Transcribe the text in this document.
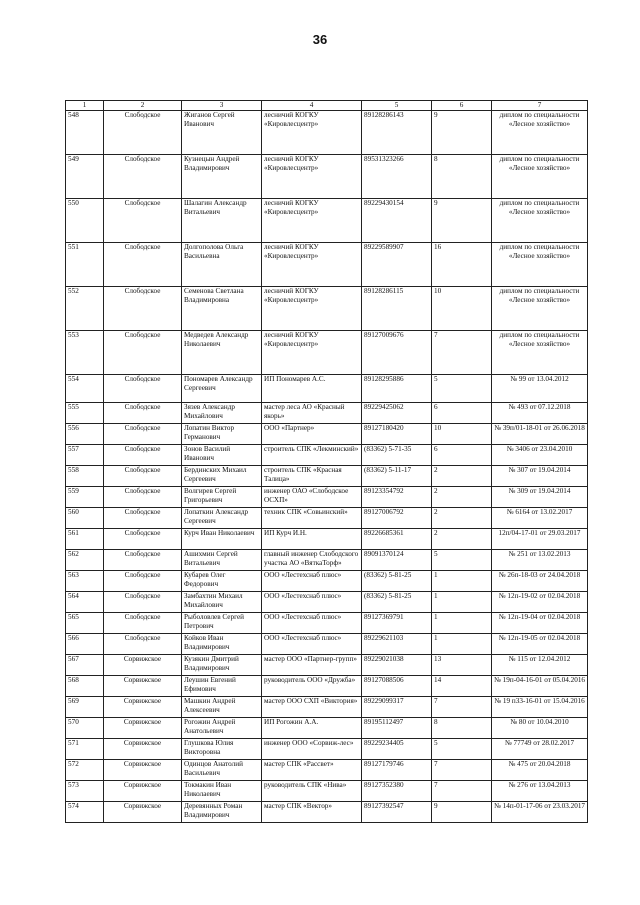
36
1	2	3	4	5	6	7
548	Слободское	Жиганов Сергей Иванович	лесничий КОГКУ «Кировлесцентр»	89128286143	9	диплом по специальности «Лесное хозяйство»
549	Слободское	Кузнецын Андрей Владимирович	лесничий КОГКУ «Кировлесцентр»	89531323266	8	диплом по специальности «Лесное хозяйство»
550	Слободское	Шалагин Александр Витальевич	лесничий КОГКУ «Кировлесцентр»	89229430154	9	диплом по специальности «Лесное хозяйство»
551	Слободское	Долгополова Ольга Васильевна	лесничий КОГКУ «Кировлесцентр»	89229589907	16	диплом по специальности «Лесное хозяйство»
552	Слободское	Семенова Светлана Владимировна	лесничий КОГКУ «Кировлесцентр»	89128286115	10	диплом по специальности «Лесное хозяйство»
553	Слободское	Медведев Александр Николаевич	лесничий КОГКУ «Кировлесцентр»	89127009676	7	диплом по специальности «Лесное хозяйство»
554	Слободское	Пономарев Александр Сергеевич	ИП Пономарев А.С.	89128295886	5	№ 99 от 13.04.2012
555	Слободское	Зязев Александр Михайлович	мастер леса АО «Красный якорь»	89229425062	6	№ 493 от 07.12.2018
556	Слободское	Лопатин Виктор Германович	ООО «Партнер»	89127180420	10	№ 39п/01-18-01 от 26.06.2018
557	Слободское	Зонов Василий Иванович	строитель СПК «Лекминский»	(83362) 5-71-35	6	№ 3406 от 23.04.2010
558	Слободское	Бердинских Михаил Сергеевич	строитель СПК «Красная Талица»	(83362) 5-11-17	2	№ 307 от 19.04.2014
559	Слободское	Волгирев Сергей Григорьевич	инженер ОАО «Слободское ОСХП»	89123354792	2	№ 309 от 19.04.2014
560	Слободское	Лопаткин Александр Сергеевич	техник СПК «Совьинский»	89127006792	2	№ 6164 от 13.02.2017
561	Слободское	Курч Иван Николаевич	ИП Курч И.Н.	89226685361	2	12п/04-17-01 от 29.03.2017
562	Слободское	Ашихмин Сергей Витальевич	главный инженер Слободского участка АО «ВяткаТорф»	89091370124	5	№ 251 от 13.02.2013
563	Слободское	Кубарев Олег Федорович	ООО «Лестехснаб плюс»	(83362) 5-81-25	1	№ 26п-18-03 от 24.04.2018
564	Слободское	Замбахтин Михаил Михайлович	ООО «Лестехснаб плюс»	(83362) 5-81-25	1	№ 12п-19-02 от 02.04.2018
565	Слободское	Рыболовлев Сергей Петрович	ООО «Лестехснаб плюс»	89127369791	1	№ 12п-19-04 от 02.04.2018
566	Слободское	Койков Иван Владимирович	ООО «Лестехснаб плюс»	89229621103	1	№ 12п-19-05 от 02.04.2018
567	Сорвижское	Кузякин Дмитрий Владимирович	мастер ООО «Партнер-групп»	89229021038	13	№ 115 от 12.04.2012
568	Сорвижское	Леушин Евгений Ефимович	руководитель ООО «Дружба»	89127088506	14	№ 19п-04-16-01 от 05.04.2016
569	Сорвижское	Машкин Андрей Алексеевич	мастер ООО СХП «Виктория»	89229099317	7	№ 19 п33-16-01 от 15.04.2016
570	Сорвижское	Рогожин Андрей Анатольевич	ИП Рогожин А.А.	89195112497	8	№ 80 от 10.04.2010
571	Сорвижское	Глушкова Юлия Викторовна	инженер ООО «Сорвиж-лес»	89229234405	5	№ 77749 от 28.02.2017
572	Сорвижское	Одинцов Анатолий Васильевич	мастер СПК «Рассвет»	89127179746	7	№ 475 от 20.04.2018
573	Сорвижское	Токмакин Иван Николаевич	руководитель СПК «Нива»	89127352380	7	№ 276 от 13.04.2013
574	Сорвижское	Деревянных Роман Владимирович	мастер СПК «Вектор»	89127392547	9	№ 14п-01-17-06 от 23.03.2017
